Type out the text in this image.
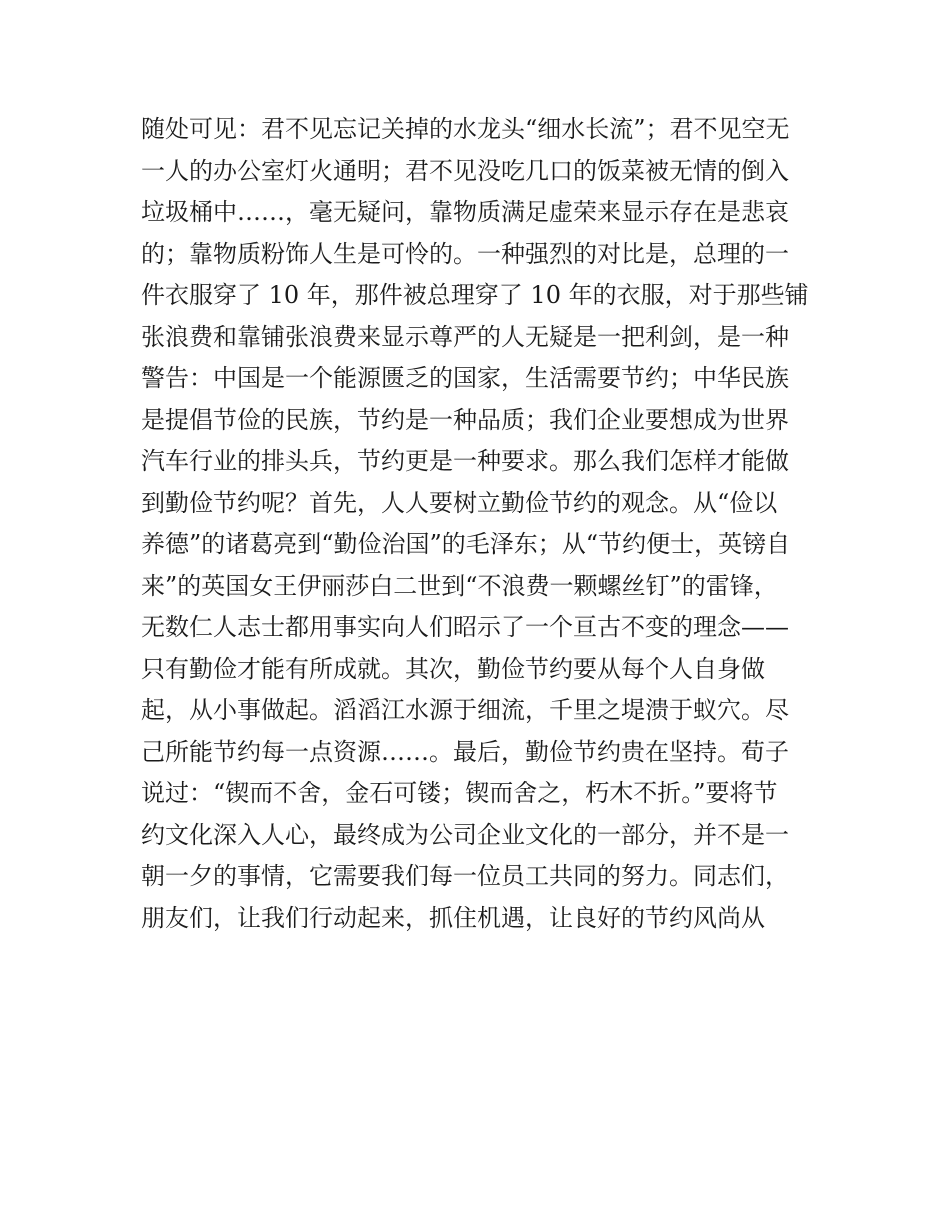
随处可见：君不见忘记关掉的水龙头“细水长流”；君不见空无
一人的办公室灯火通明；君不见没吃几口的饭菜被无情的倒入
垃圾桶中……，毫无疑问，靠物质满足虚荣来显示存在是悲哀
的；靠物质粉饰人生是可怜的。一种强烈的对比是，总理的一
件衣服穿了 10 年，那件被总理穿了 10 年的衣服，对于那些铺
张浪费和靠铺张浪费来显示尊严的人无疑是一把利剑，是一种
警告：中国是一个能源匮乏的国家，生活需要节约；中华民族
是提倡节俭的民族，节约是一种品质；我们企业要想成为世界
汽车行业的排头兵，节约更是一种要求。那么我们怎样才能做
到勤俭节约呢？首先，人人要树立勤俭节约的观念。从“俭以
养德”的诸葛亮到“勤俭治国”的毛泽东；从“节约便士，英镑自
来”的英国女王伊丽莎白二世到“不浪费一颗螺丝钉”的雷锋，
无数仁人志士都用事实向人们昭示了一个亘古不变的理念——
只有勤俭才能有所成就。其次，勤俭节约要从每个人自身做
起，从小事做起。滔滔江水源于细流，千里之堤溃于蚁穴。尽
己所能节约每一点资源……。最后，勤俭节约贵在坚持。荀子
说过：“锲而不舍，金石可镂；锲而舍之，朽木不折。”要将节
约文化深入人心，最终成为公司企业文化的一部分，并不是一
朝一夕的事情，它需要我们每一位员工共同的努力。同志们，
朋友们，让我们行动起来，抓住机遇，让良好的节约风尚从
